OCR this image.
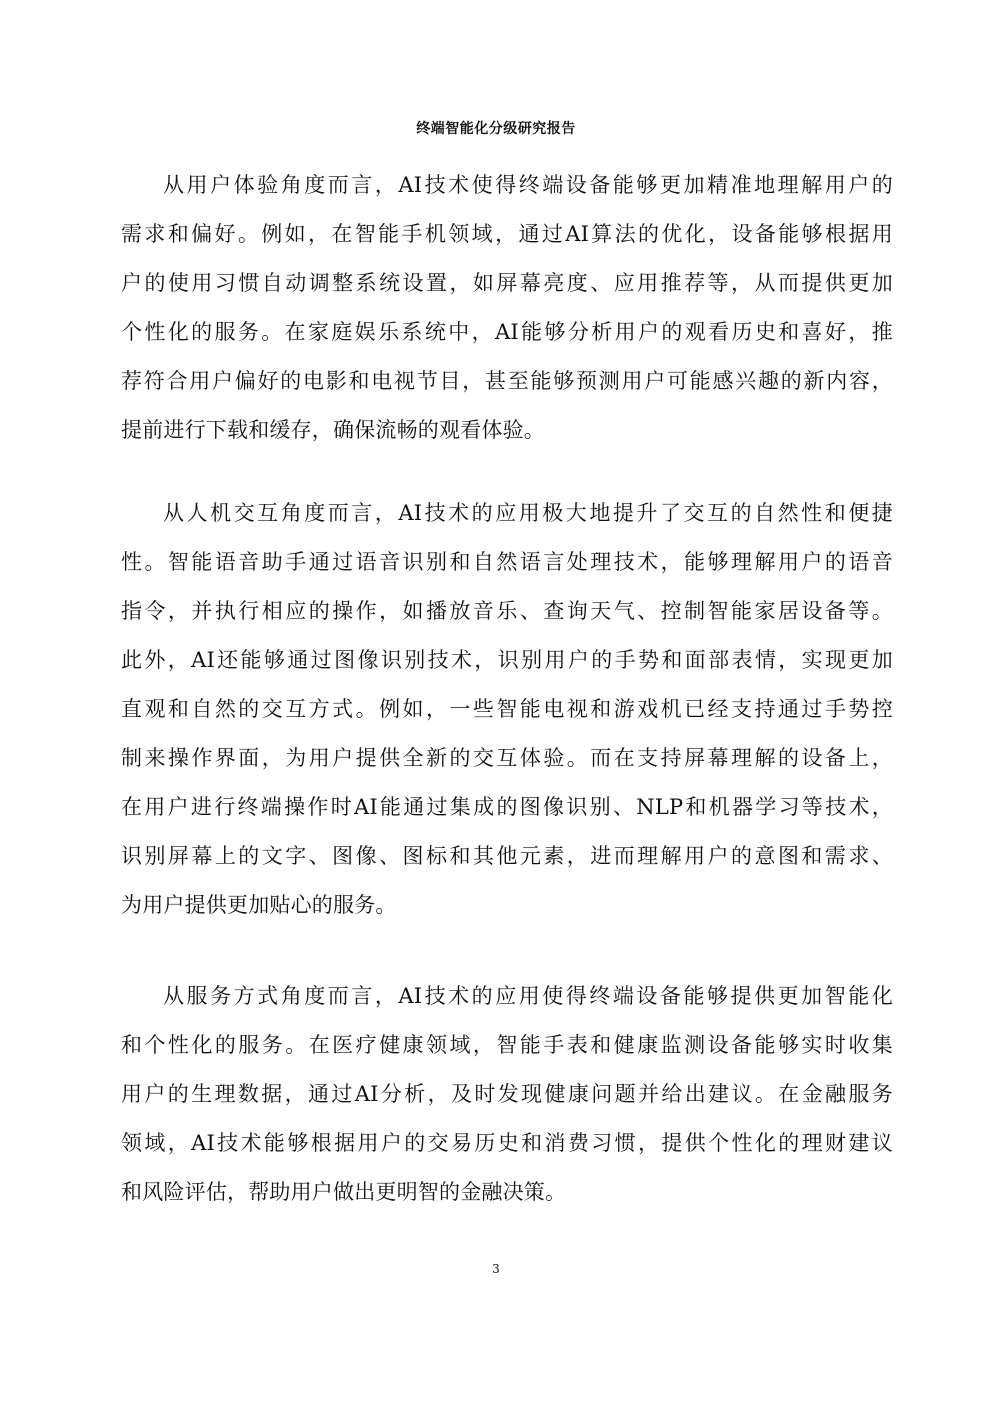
终端智能化分级研究报告
从用户体验角度而言，AI技术使得终端设备能够更加精准地理解用户的
需求和偏好。例如，在智能手机领域，通过AI算法的优化，设备能够根据用
户的使用习惯自动调整系统设置，如屏幕亮度、应用推荐等，从而提供更加
个性化的服务。在家庭娱乐系统中，AI能够分析用户的观看历史和喜好，推
荐符合用户偏好的电影和电视节目，甚至能够预测用户可能感兴趣的新内容，
提前进行下载和缓存，确保流畅的观看体验。
从人机交互角度而言，AI技术的应用极大地提升了交互的自然性和便捷
性。智能语音助手通过语音识别和自然语言处理技术，能够理解用户的语音
指令，并执行相应的操作，如播放音乐、查询天气、控制智能家居设备等。
此外，AI还能够通过图像识别技术，识别用户的手势和面部表情，实现更加
直观和自然的交互方式。例如，一些智能电视和游戏机已经支持通过手势控
制来操作界面，为用户提供全新的交互体验。而在支持屏幕理解的设备上，
在用户进行终端操作时AI能通过集成的图像识别、NLP和机器学习等技术，
识别屏幕上的文字、图像、图标和其他元素，进而理解用户的意图和需求、
为用户提供更加贴心的服务。
从服务方式角度而言，AI技术的应用使得终端设备能够提供更加智能化
和个性化的服务。在医疗健康领域，智能手表和健康监测设备能够实时收集
用户的生理数据，通过AI分析，及时发现健康问题并给出建议。在金融服务
领域，AI技术能够根据用户的交易历史和消费习惯，提供个性化的理财建议
和风险评估，帮助用户做出更明智的金融决策。
3
